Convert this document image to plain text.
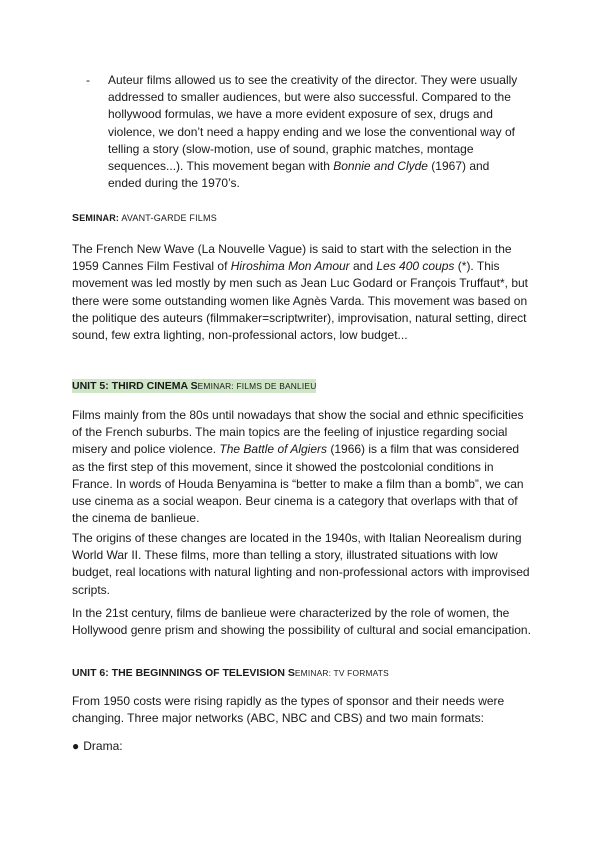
- Auteur films allowed us to see the creativity of the director. They were usually addressed to smaller audiences, but were also successful. Compared to the hollywood formulas, we have a more evident exposure of sex, drugs and violence, we don’t need a happy ending and we lose the conventional way of telling a story (slow-motion, use of sound, graphic matches, montage sequences...). This movement began with Bonnie and Clyde (1967) and ended during the 1970’s.
SEMINAR: AVANT-GARDE FILMS

The French New Wave (La Nouvelle Vague) is said to start with the selection in the 1959 Cannes Film Festival of Hiroshima Mon Amour and Les 400 coups (*). This movement was led mostly by men such as Jean Luc Godard or François Truffaut*, but there were some outstanding women like Agnès Varda. This movement was based on the politique des auteurs (filmmaker=scriptwriter), improvisation, natural setting, direct sound, few extra lighting, non-professional actors, low budget...

UNIT 5: THIRD CINEMA SEMINAR: FILMS DE BANLIEU

Films mainly from the 80s until nowadays that show the social and ethnic specificities of the French suburbs. The main topics are the feeling of injustice regarding social misery and police violence. The Battle of Algiers (1966) is a film that was considered as the first step of this movement, since it showed the postcolonial conditions in France. In words of Houda Benyamina is “better to make a film than a bomb”, we can use cinema as a social weapon. Beur cinema is a category that overlaps with that of the cinema de banlieue.

The origins of these changes are located in the 1940s, with Italian Neorealism during World War II. These films, more than telling a story, illustrated situations with low budget, real locations with natural lighting and non-professional actors with improvised scripts.

In the 21st century, films de banlieue were characterized by the role of women, the Hollywood genre prism and showing the possibility of cultural and social emancipation.

UNIT 6: THE BEGINNINGS OF TELEVISION SEMINAR: TV FORMATS

From 1950 costs were rising rapidly as the types of sponsor and their needs were changing. Three major networks (ABC, NBC and CBS) and two main formats:

● Drama:
